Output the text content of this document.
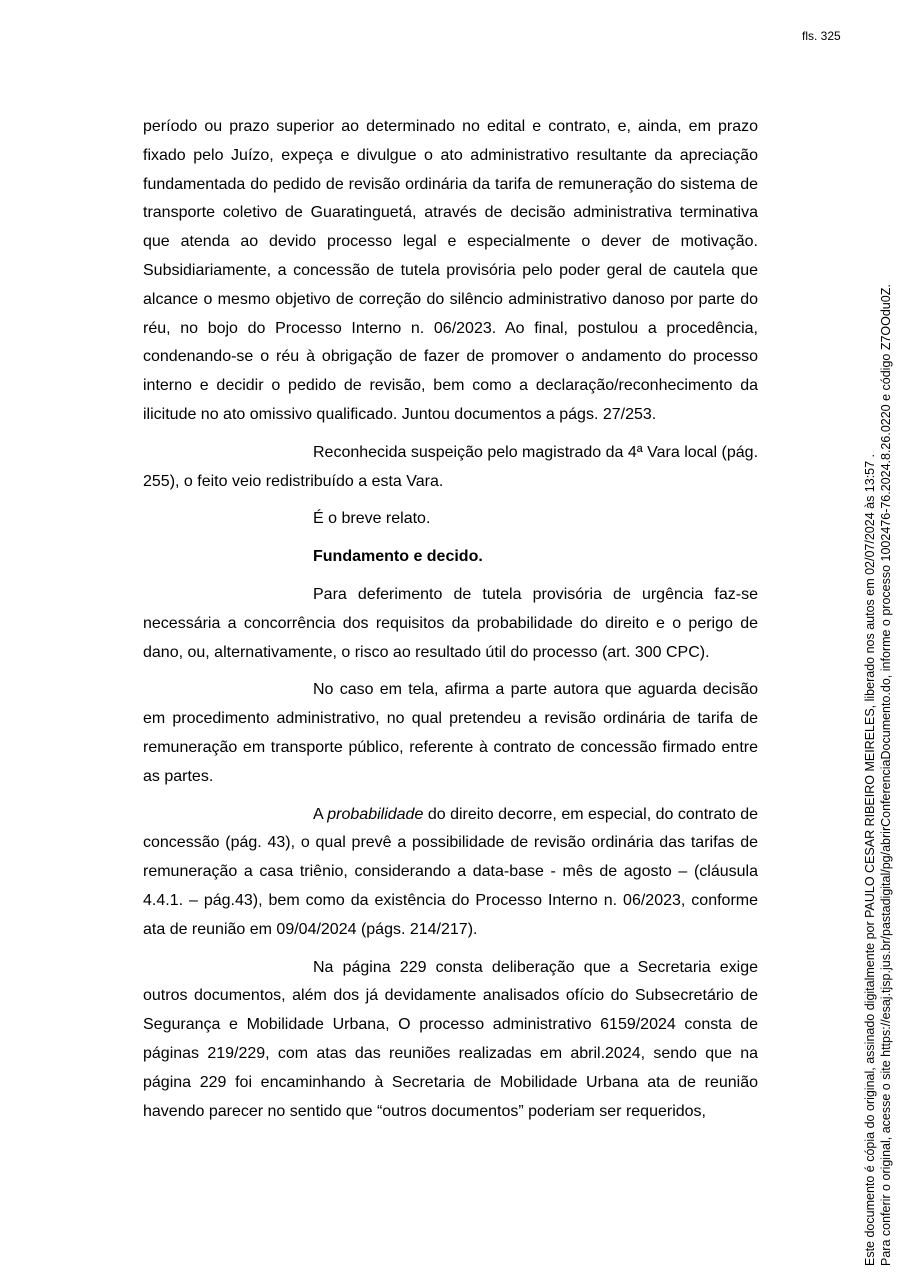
fls. 325

período ou prazo superior ao determinado no edital e contrato, e, ainda, em prazo fixado pelo Juízo, expeça e divulgue o ato administrativo resultante da apreciação fundamentada do pedido de revisão ordinária da tarifa de remuneração do sistema de transporte coletivo de Guaratinguetá, através de decisão administrativa terminativa que atenda ao devido processo legal e especialmente o dever de motivação. Subsidiariamente, a concessão de tutela provisória pelo poder geral de cautela que alcance o mesmo objetivo de correção do silêncio administrativo danoso por parte do réu, no bojo do Processo Interno n. 06/2023. Ao final, postulou a procedência, condenando-se o réu à obrigação de fazer de promover o andamento do processo interno e decidir o pedido de revisão, bem como a declaração/reconhecimento da ilicitude no ato omissivo qualificado. Juntou documentos a págs. 27/253.

Reconhecida suspeição pelo magistrado da 4ª Vara local (pág. 255), o feito veio redistribuído a esta Vara.

É o breve relato.

Fundamento e decido.

Para deferimento de tutela provisória de urgência faz-se necessária a concorrência dos requisitos da probabilidade do direito e o perigo de dano, ou, alternativamente, o risco ao resultado útil do processo (art. 300 CPC).

No caso em tela, afirma a parte autora que aguarda decisão em procedimento administrativo, no qual pretendeu a revisão ordinária de tarifa de remuneração em transporte público, referente à contrato de concessão firmado entre as partes.

A probabilidade do direito decorre, em especial, do contrato de concessão (pág. 43), o qual prevê a possibilidade de revisão ordinária das tarifas de remuneração a casa triênio, considerando a data-base - mês de agosto – (cláusula 4.4.1. – pág.43), bem como da existência do Processo Interno n. 06/2023, conforme ata de reunião em 09/04/2024 (págs. 214/217).

Na página 229 consta deliberação que a Secretaria exige outros documentos, além dos já devidamente analisados ofício do Subsecretário de Segurança e Mobilidade Urbana, O processo administrativo 6159/2024 consta de páginas 219/229, com atas das reuniões realizadas em abril.2024, sendo que na página 229 foi encaminhando à Secretaria de Mobilidade Urbana ata de reunião havendo parecer no sentido que “outros documentos” poderiam ser requeridos,	Este documento é cópia do original, assinado digitalmente por PAULO CESAR RIBEIRO MEIRELES, liberado nos autos em 02/07/2024 às 13:57 . Para conferir o original, acesse o site https://esaj.tjsp.jus.br/pastadigital/pg/abrirConferenciaDocumento.do, informe o processo 1002476-76.2024.8.26.0220 e código Z7OOdu0Z.
